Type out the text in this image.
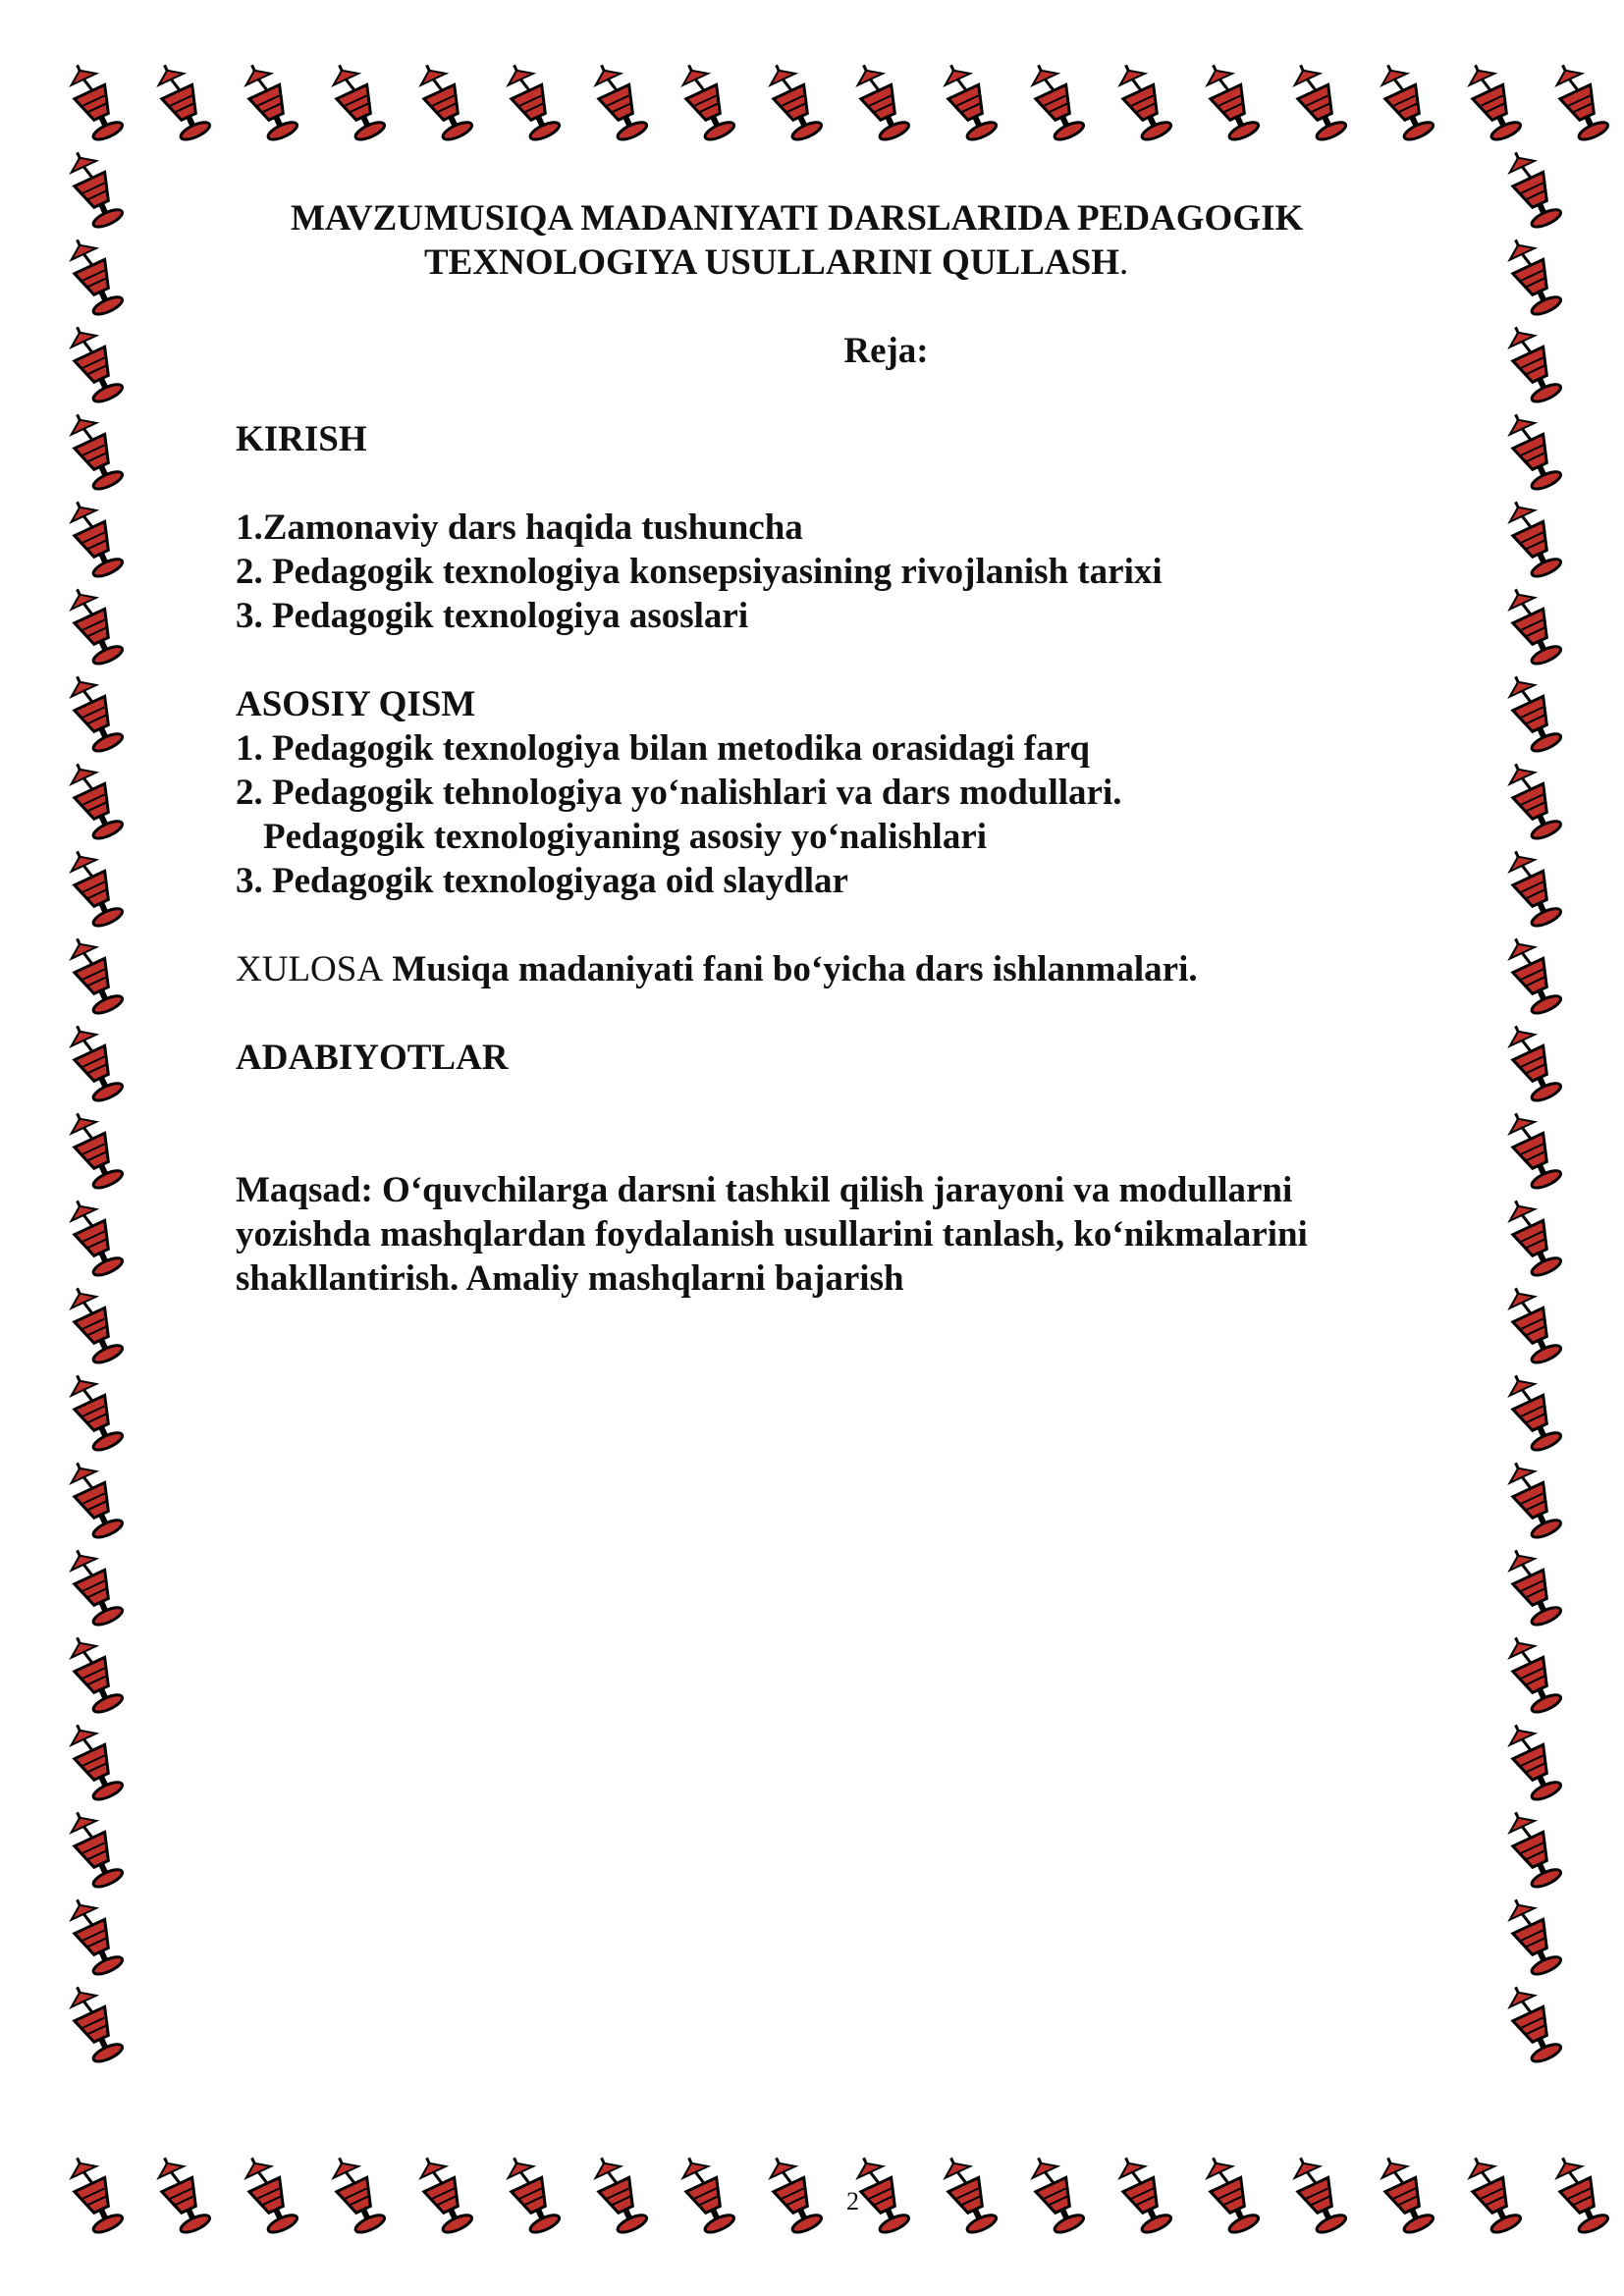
MAVZU MUSIQA MADANIYATI DARSLARIDA PEDAGOGIK
TEXNOLOGIYA USULLARINI QULLASH.
Reja:
KIRISH
1.Zamonaviy dars haqida tushuncha
2. Pedagogik texnologiya konsepsiyasining rivojlanish tarixi
3. Pedagogik texnologiya asoslari
ASOSIY QISM
1. Pedagogik texnologiya bilan metodika orasidagi farq
2. Pedagogik tehnologiya yo‘nalishlari va dars modullari.
Pedagogik texnologiyaning asosiy yo‘nalishlari
3. Pedagogik texnologiyaga oid slaydlar
XULOSA Musiqa madaniyati fani bo‘yicha dars ishlanmalari.
ADABIYOTLAR
Maqsad: O‘quvchilarga darsni tashkil qilish jarayoni va modullarni
yozishda mashqlardan foydalanish usullarini tanlash, ko‘nikmalarini
shakllantirish. Amaliy mashqlarni bajarish
2
